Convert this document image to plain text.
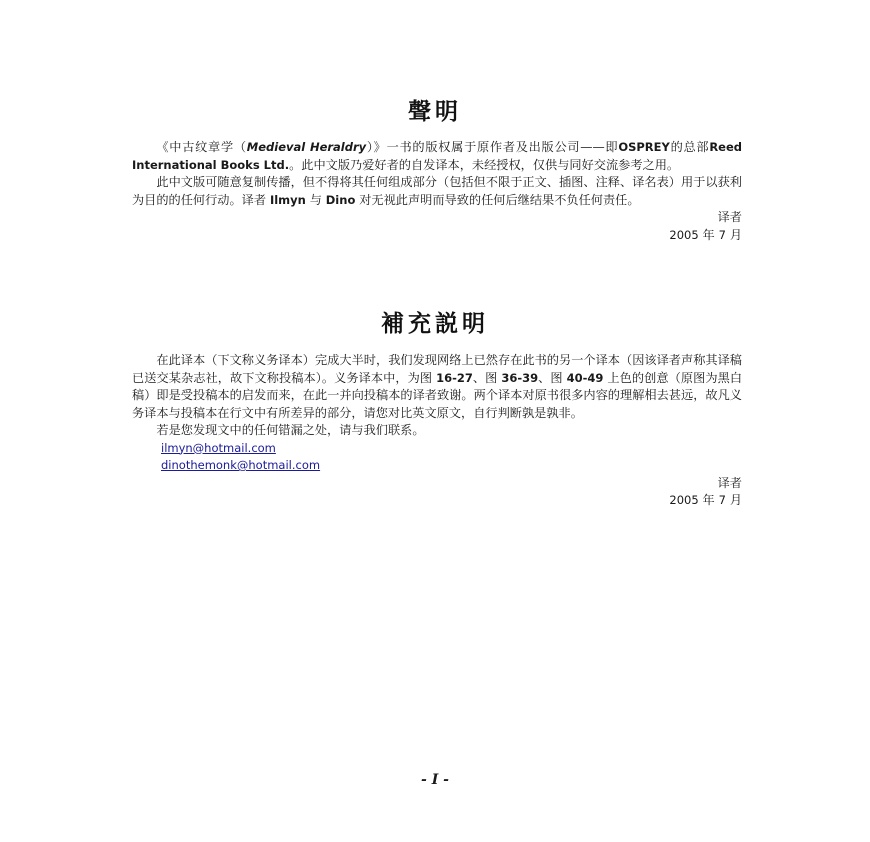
聲明

《中古纹章学（Medieval Heraldry）》一书的版权属于原作者及出版公司——即OSPREY的总部Reed International Books Ltd.。此中文版乃爱好者的自发译本，未经授权，仅供与同好交流参考之用。

此中文版可随意复制传播，但不得将其任何组成部分（包括但不限于正文、插图、注释、译名表）用于以获利为目的的任何行动。译者 Ilmyn 与 Dino 对无视此声明而导致的任何后继结果不负任何责任。

译者

2005 年 7 月

補充説明

在此译本（下文称义务译本）完成大半时，我们发现网络上已然存在此书的另一个译本（因该译者声称其译稿已送交某杂志社，故下文称投稿本）。义务译本中，为图 16-27、图 36-39、图 40-49 上色的创意（原图为黑白稿）即是受投稿本的启发而来，在此一并向投稿本的译者致谢。两个译本对原书很多内容的理解相去甚远，故凡义务译本与投稿本在行文中有所差异的部分，请您对比英文原文，自行判断孰是孰非。

若是您发现文中的任何错漏之处，请与我们联系。

ilmyn@hotmail.com
dinothemonk@hotmail.com

译者

2005 年 7 月

- I -
